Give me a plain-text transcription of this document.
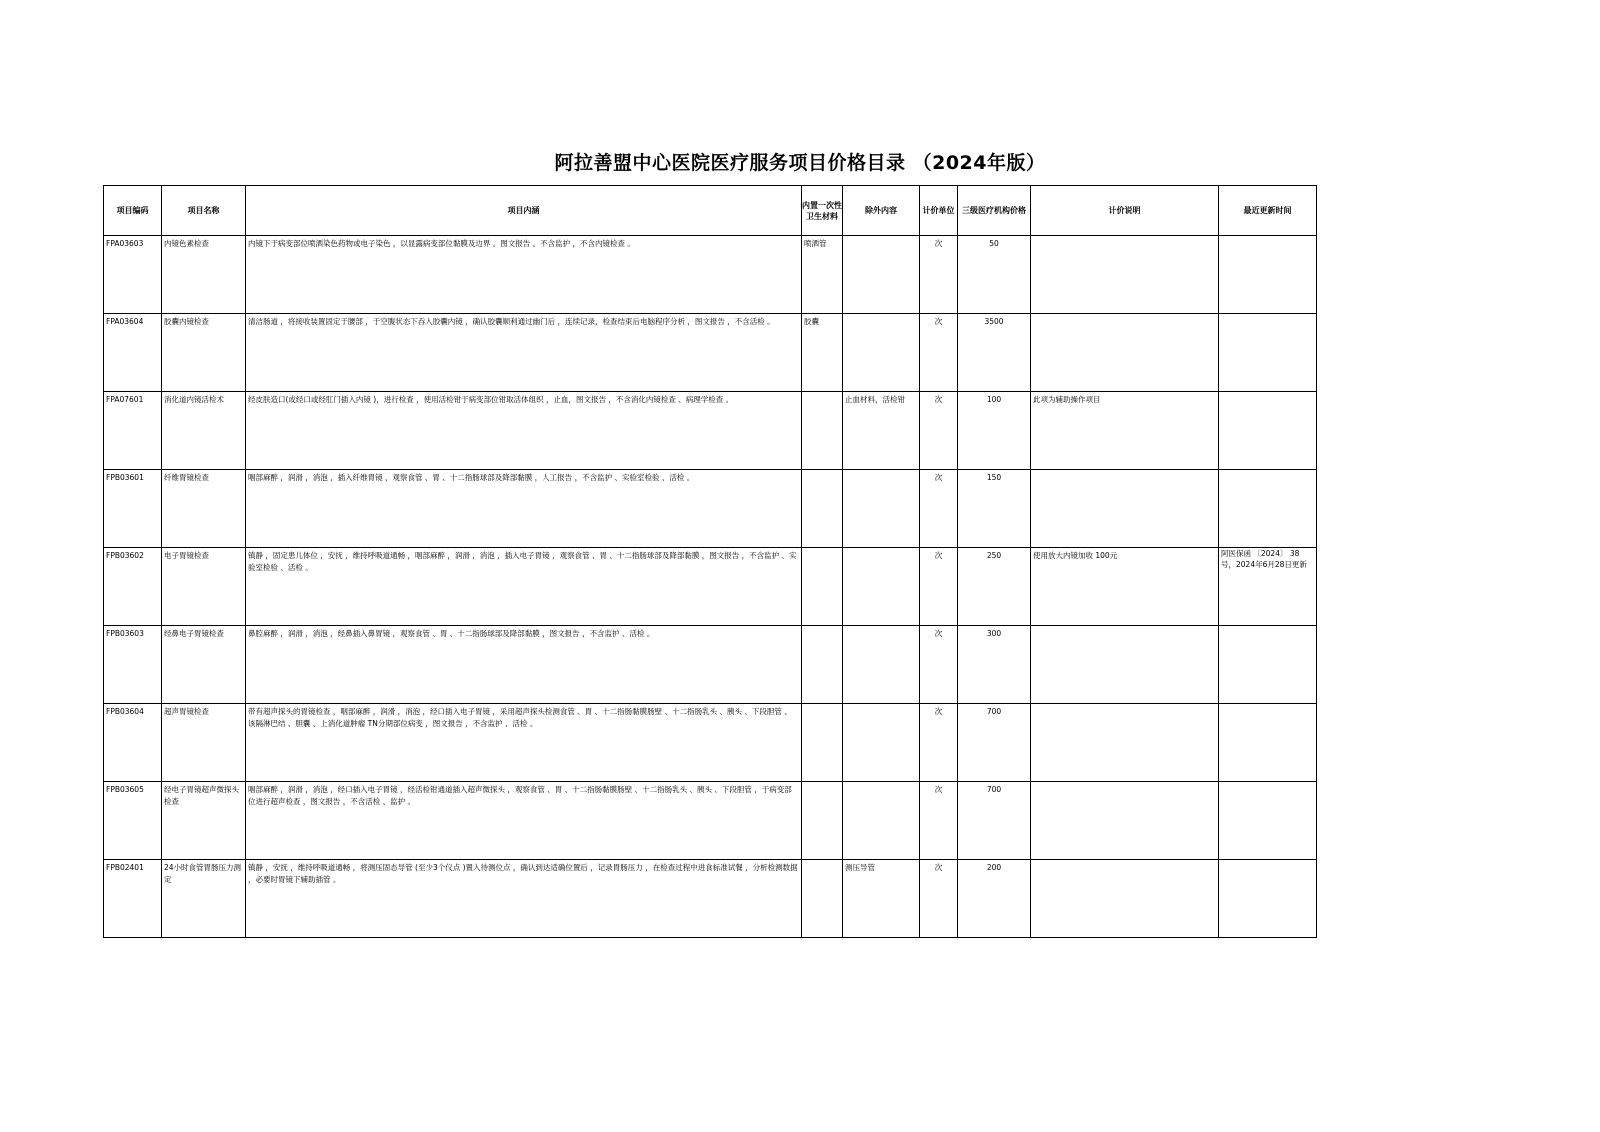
阿拉善盟中心医院医疗服务项目价格目录 （2024年版）
项目编码	项目名称	项目内涵	内置一次性卫生材料	除外内容	计价单位	三级医疗机构价格	计价说明	最近更新时间

FPA03603	内镜色素检查	内镜下于病变部位喷洒染色药物或电子染色 ，以显露病变部位黏膜及边界 。图文报告 。不含监护 ，不含内镜检查 。	喷洒管		次	50		

FPA03604	胶囊内镜检查	清洁肠道 ，将接收装置固定于腰部 ，于空腹状态下吞入胶囊内镜 ，确认胶囊顺利通过幽门后 ，连续记录，检查结束后电脑程序分析 ，图文报告 ，不含活检 。	胶囊		次	3500		

FPA07601	消化道内镜活检术	经皮肤造口(或经口或经肛门插入内镜 )，进行检查 ，使用活检钳于病变部位钳取活体组织 ，止血，图文报告 ，不含消化内镜检查 、病理学检查 。		止血材料，活检钳	次	100	此项为辅助操作项目	

FPB03601	纤维胃镜检查	咽部麻醉 ，润滑 ，消泡 ，插入纤维胃镜 ，观察食管 、胃 、十二指肠球部及降部黏膜 ，人工报告 ，不含监护 、实验室检验 、活检 。			次	150		

FPB03602	电子胃镜检查	镇静 ，固定患儿体位 ，安抚 ，维持呼吸道通畅 ，咽部麻醉 ，润滑 ，消泡 ，插入电子胃镜 ，观察食管 、胃 、十二指肠球部及降部黏膜 ，图文报告 ，不含监护 、实验室检验 、活检 。			次	250	使用放大内镜加收 100元	阿医保函 〔2024〕 38号，2024年6月28日更新

FPB03603	经鼻电子胃镜检查	鼻腔麻醉 ，润滑 ，消泡 ，经鼻插入鼻胃镜 ，观察食管 、胃 、十二指肠球部及降部黏膜 ，图文报告 ，不含监护 、活检 。			次	300		

FPB03604	超声胃镜检查	带有超声探头的胃镜检查 ，咽部麻醉 ，润滑 ，消泡 ，经口插入电子胃镜 ，采用超声探头检测食管 、胃 、十二指肠黏膜肠壁 、十二指肠乳头 、胰头 、下段胆管 、该隔淋巴结 、胆囊 、上消化道肿瘤 TN分期部位病变 ，图文报告 ，不含监护 、活检 。			次	700		

FPB03605	经电子胃镜超声微探头检查	咽部麻醉 ，润滑 ，消泡 ，经口插入电子胃镜 ，经活检钳通道插入超声微探头 ，观察食管 、胃 、十二指肠黏膜肠壁 、十二指肠乳头 、胰头 、下段胆管 ，于病变部位进行超声检查 ，图文报告 ，不含活检 、监护 。			次	700		

FPB02401	24小时食管胃肠压力测定	镇静 ，安抚 ，维持呼吸道通畅 ，将测压固态导管 (至少3个仪点 )置入待测位点 ，确认到达适确位置后 ，记录胃肠压力 ，在检查过程中进食标准试餐 ，分析检测数据 ，必要时胃镜下辅助插管 。		测压导管	次	200		
